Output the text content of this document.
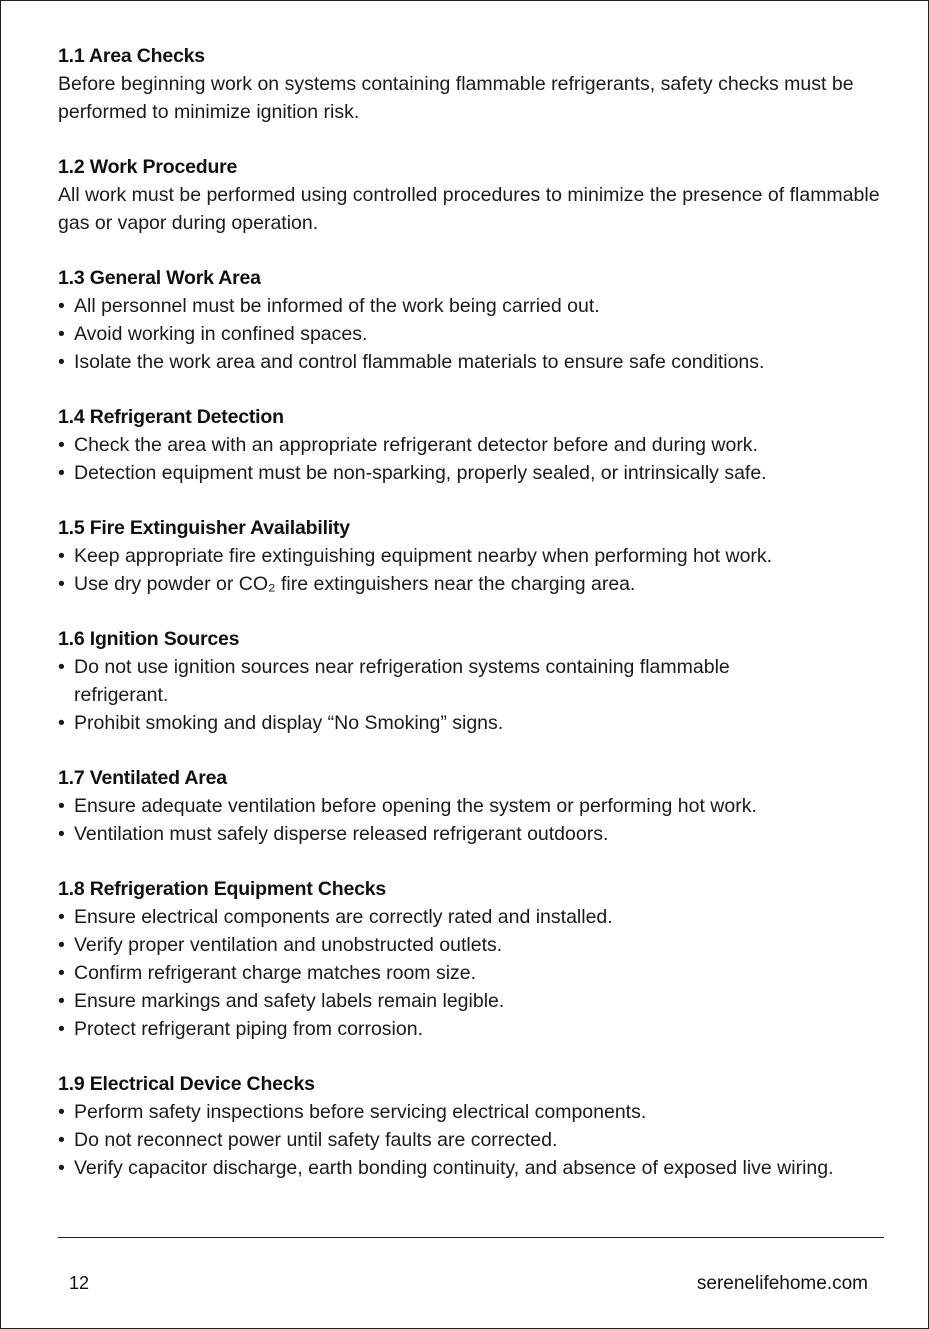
1.1 Area Checks
Before beginning work on systems containing flammable refrigerants, safety checks must be performed to minimize ignition risk.
1.2 Work Procedure
All work must be performed using controlled procedures to minimize the presence of flammable gas or vapor during operation.
1.3 General Work Area
• All personnel must be informed of the work being carried out.
• Avoid working in confined spaces.
• Isolate the work area and control flammable materials to ensure safe conditions.
1.4 Refrigerant Detection
• Check the area with an appropriate refrigerant detector before and during work.
• Detection equipment must be non-sparking, properly sealed, or intrinsically safe.
1.5 Fire Extinguisher Availability
• Keep appropriate fire extinguishing equipment nearby when performing hot work.
• Use dry powder or CO₂ fire extinguishers near the charging area.
1.6 Ignition Sources
• Do not use ignition sources near refrigeration systems containing flammable refrigerant.
• Prohibit smoking and display “No Smoking” signs.
1.7 Ventilated Area
• Ensure adequate ventilation before opening the system or performing hot work.
• Ventilation must safely disperse released refrigerant outdoors.
1.8 Refrigeration Equipment Checks
• Ensure electrical components are correctly rated and installed.
• Verify proper ventilation and unobstructed outlets.
• Confirm refrigerant charge matches room size.
• Ensure markings and safety labels remain legible.
• Protect refrigerant piping from corrosion.
1.9 Electrical Device Checks
• Perform safety inspections before servicing electrical components.
• Do not reconnect power until safety faults are corrected.
• Verify capacitor discharge, earth bonding continuity, and absence of exposed live wiring.
12	serenelifehome.com
